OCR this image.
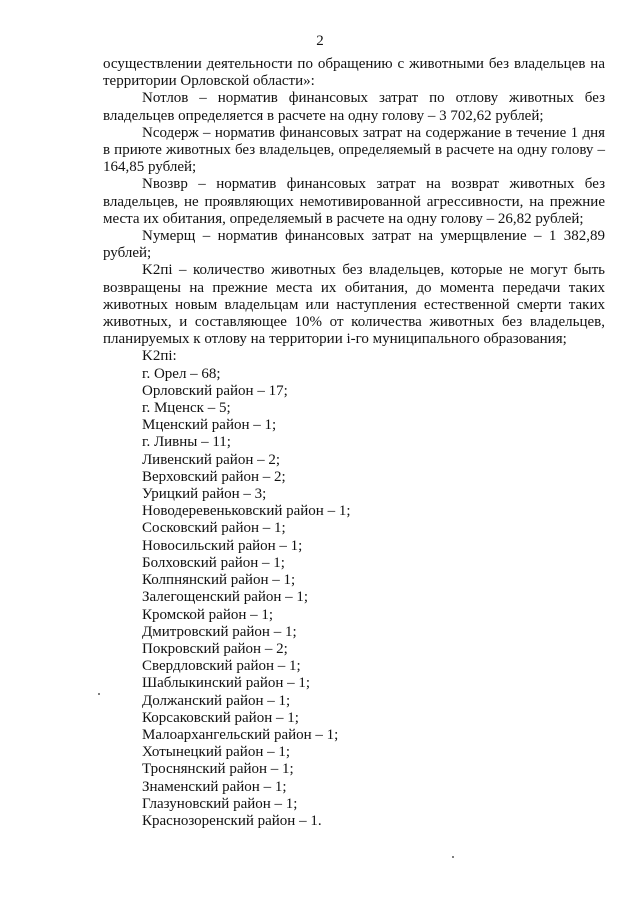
2

осуществлении деятельности по обращению с животными без владельцев на территории Орловской области»:

Nотлов – норматив финансовых затрат по отлову животных без владельцев определяется в расчете на одну голову – 3 702,62 рублей;

Nсодерж – норматив финансовых затрат на содержание в течение 1 дня в приюте животных без владельцев, определяемый в расчете на одну голову – 164,85 рублей;

Nвозвр – норматив финансовых затрат на возврат животных без владельцев, не проявляющих немотивированной агрессивности, на прежние места их обитания, определяемый в расчете на одну голову – 26,82 рублей;

Nумерщ – норматив финансовых затрат на умерщвление – 1 382,89 рублей;

K2пi – количество животных без владельцев, которые не могут быть возвращены на прежние места их обитания, до момента передачи таких животных новым владельцам или наступления естественной смерти таких животных, и составляющее 10% от количества животных без владельцев, планируемых к отлову на территории i-го муниципального образования;

K2пi:

г. Орел – 68;
Орловский район – 17;
г. Мценск – 5;
Мценский район – 1;
г. Ливны – 11;
Ливенский район – 2;
Верховский район – 2;
Урицкий район – 3;
Новодеревеньковский район – 1;
Сосковский район – 1;
Новосильский район – 1;
Болховский район – 1;
Колпнянский район – 1;
Залегощенский район – 1;
Кромской район – 1;
Дмитровский район – 1;
Покровский район – 2;
Свердловский район – 1;
Шаблыкинский район – 1;
Должанский район – 1;
Корсаковский район – 1;
Малоархангельский район – 1;
Хотынецкий район – 1;
Троснянский район – 1;
Знаменский район – 1;
Глазуновский район – 1;
Краснозоренский район – 1.
